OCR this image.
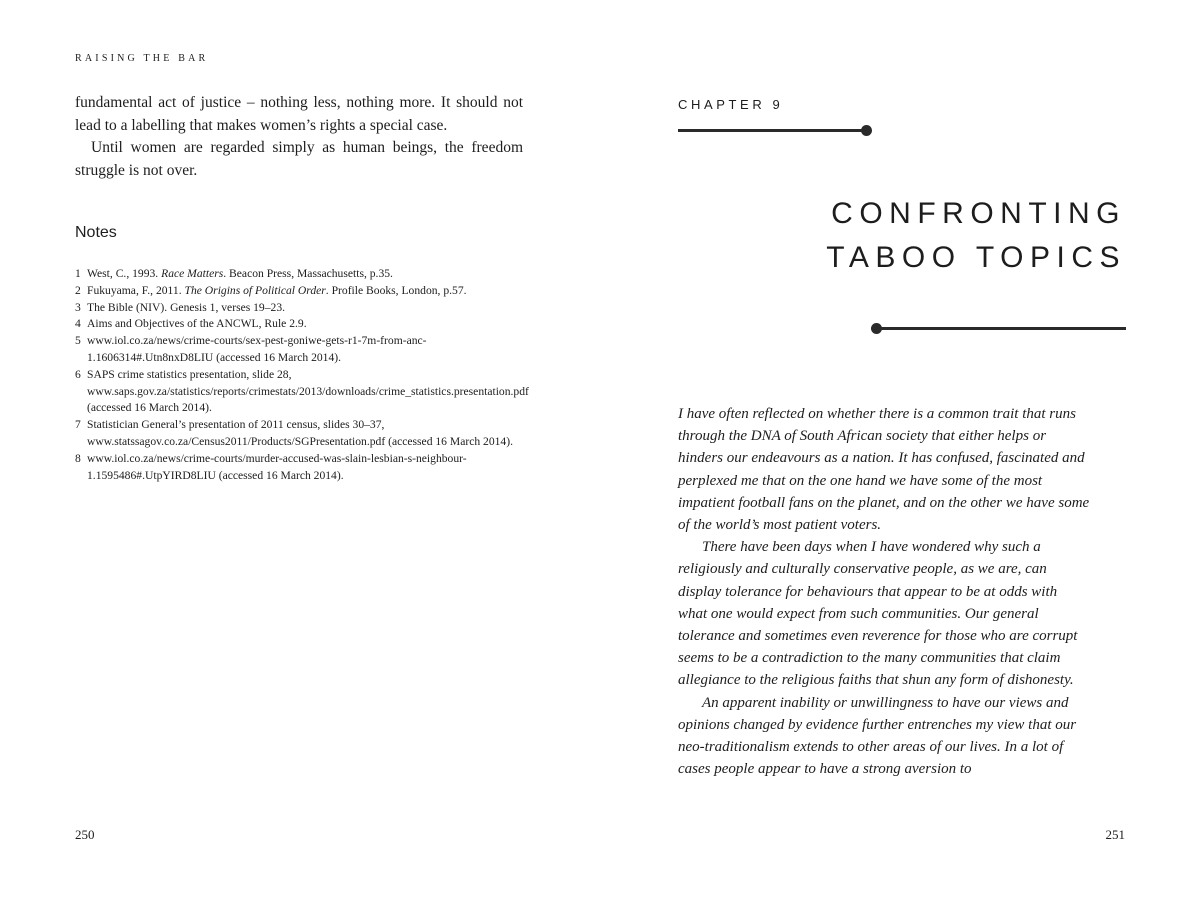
RAISING THE BAR

fundamental act of justice – nothing less, nothing more. It should not lead to a labelling that makes women’s rights a special case.

Until women are regarded simply as human beings, the freedom struggle is not over.

Notes
1 West, C., 1993. Race Matters. Beacon Press, Massachusetts, p.35.
2 Fukuyama, F., 2011. The Origins of Political Order. Profile Books, London, p.57.
3 The Bible (NIV). Genesis 1, verses 19–23.
4 Aims and Objectives of the ANCWL, Rule 2.9.
5 www.iol.co.za/news/crime-courts/sex-pest-goniwe-gets-r1-7m-from-anc-1.1606314#.Utn8nxD8LIU (accessed 16 March 2014).
6 SAPS crime statistics presentation, slide 28, www.saps.gov.za/statistics/reports/crimestats/2013/downloads/crime_statistics.presentation.pdf (accessed 16 March 2014).
7 Statistician General’s presentation of 2011 census, slides 30–37, www.statssagov.co.za/Census2011/Products/SGPresentation.pdf (accessed 16 March 2014).
8 www.iol.co.za/news/crime-courts/murder-accused-was-slain-lesbian-s-neighbour-1.1595486#.UtpYIRD8LIU (accessed 16 March 2014).
250
CHAPTER 9
CONFRONTING
TABOO TOPICS

I have often reflected on whether there is a common trait that runs through the DNA of South African society that either helps or hinders our endeavours as a nation. It has confused, fascinated and perplexed me that on the one hand we have some of the most impatient football fans on the planet, and on the other we have some of the world’s most patient voters.

There have been days when I have wondered why such a religiously and culturally conservative people, as we are, can display tolerance for behaviours that appear to be at odds with what one would expect from such communities. Our general tolerance and sometimes even reverence for those who are corrupt seems to be a contradiction to the many communities that claim allegiance to the religious faiths that shun any form of dishonesty.

An apparent inability or unwillingness to have our views and opinions changed by evidence further entrenches my view that our neo-traditionalism extends to other areas of our lives. In a lot of cases people appear to have a strong aversion to

251
